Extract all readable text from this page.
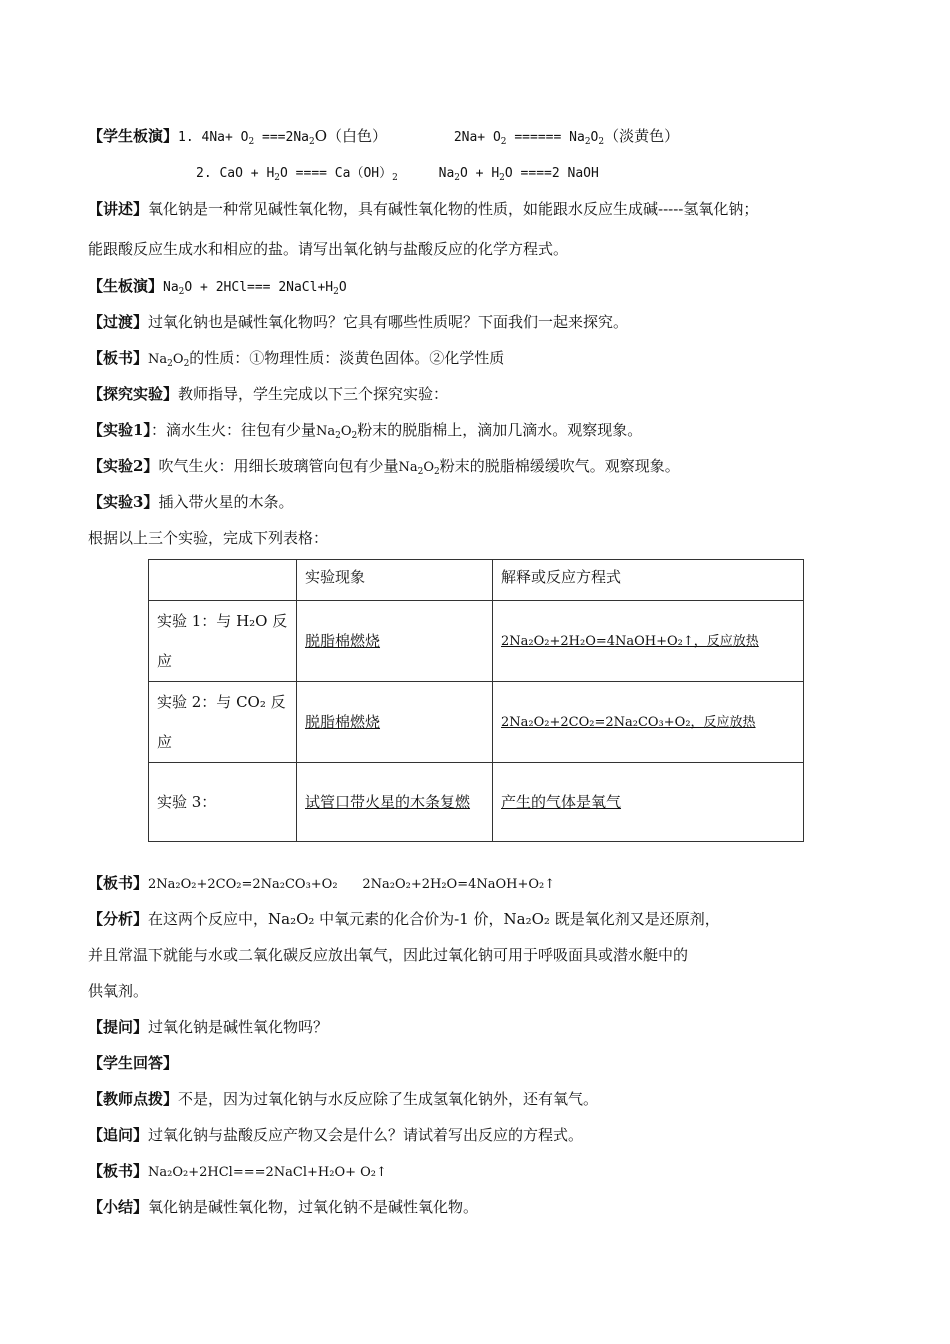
【学生板演】1. $4Na+ O_2 ===2Na_2O$（白色）	$2Na+ O_2$ ====== $Na_2O_2$（淡黄色）
2. CaO + $H_2O$ ==== $Ca(OH)_2$	$Na_2O + H_2O ====2$ NaOH
【讲述】氧化钠是一种常见碱性氧化物，具有碱性氧化物的性质，如能跟水反应生成碱-----氢氧化钠；
能跟酸反应生成水和相应的盐。请写出氧化钠与盐酸反应的化学方程式。
【生板演】$Na_2O + 2HCl===$ $2NaCl+H_2O$
【过渡】过氧化钠也是碱性氧化物吗？它具有哪些性质呢？下面我们一起来探究。
【板书】$Na_2O_2$的性质：①物理性质：淡黄色固体。②化学性质
【探究实验】教师指导，学生完成以下三个探究实验：
【实验1】：滴水生火：往包有少量$Na_2O_2$粉末的脱脂棉上，滴加几滴水。观察现象。
【实验2】吹气生火：用细长玻璃管向包有少量$Na_2O_2$粉末的脱脂棉缓缓吹气。观察现象。
【实验3】插入带火星的木条。
根据以上三个实验，完成下列表格：
	实验现象	解释或反应方程式
实验 1：与 H₂O 反应	脱脂棉燃烧	2Na₂O₂+2H₂O=4NaOH+O₂↑，反应放热
实验 2：与 CO₂ 反应	脱脂棉燃烧	2Na₂O₂+2CO₂=2Na₂CO₃+O₂，反应放热
实验 3：	试管口带火星的木条复燃	产生的气体是氧气
【板书】2Na₂O₂+2CO₂=2Na₂CO₃+O₂ 2Na₂O₂+2H₂O=4NaOH+O₂↑
【分析】在这两个反应中，Na₂O₂ 中氧元素的化合价为-1 价，Na₂O₂ 既是氧化剂又是还原剂，
并且常温下就能与水或二氧化碳反应放出氧气，因此过氧化钠可用于呼吸面具或潜水艇中的
供氧剂。
【提问】过氧化钠是碱性氧化物吗？
【学生回答】
【教师点拨】不是，因为过氧化钠与水反应除了生成氢氧化钠外，还有氧气。
【追问】过氧化钠与盐酸反应产物又会是什么？请试着写出反应的方程式。
【板书】Na₂O₂+2HCl===2NaCl+H₂O+ O₂↑
【小结】氧化钠是碱性氧化物，过氧化钠不是碱性氧化物。
